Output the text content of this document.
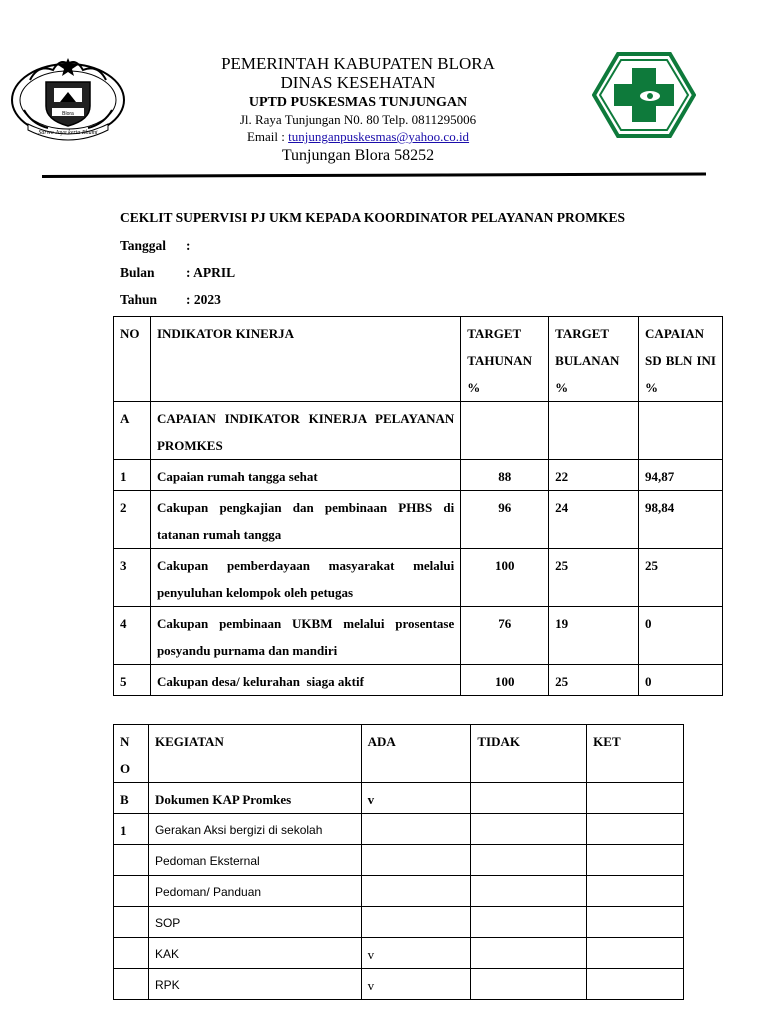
Sarwo Jaya kerta Bhumi
Blora
PEMERINTAH KABUPATEN BLORA
DINAS KESEHATAN
UPTD PUSKESMAS TUNJUNGAN
Jl. Raya Tunjungan N0. 80 Telp. 0811295006
Email : tunjunganpuskesmas@yahoo.co.id
Tunjungan Blora 58252
CEKLIT SUPERVISI PJ UKM KEPADA KOORDINATOR PELAYANAN PROMKES
Tanggal :
Bulan : APRIL
Tahun : 2023
NO	INDIKATOR KINERJA	TARGET TAHUNAN %	TARGET BULANAN %	CAPAIAN SD BLN INI %
A	CAPAIAN INDIKATOR KINERJA PELAYANAN PROMKES			
1	Capaian rumah tangga sehat	88	22	94,87
2	Cakupan pengkajian dan pembinaan PHBS di tatanan rumah tangga	96	24	98,84
3	Cakupan pemberdayaan masyarakat melalui penyuluhan kelompok oleh petugas	100	25	25
4	Cakupan pembinaan UKBM melalui prosentase posyandu purnama dan mandiri	76	19	0
5	Cakupan desa/ kelurahan  siaga aktif	100	25	0
N O	KEGIATAN	ADA	TIDAK	KET
B	Dokumen KAP Promkes	v		
1	Gerakan Aksi bergizi di sekolah			
	Pedoman Eksternal			
	Pedoman/ Panduan			
	SOP			
	KAK	v		
	RPK	v		
